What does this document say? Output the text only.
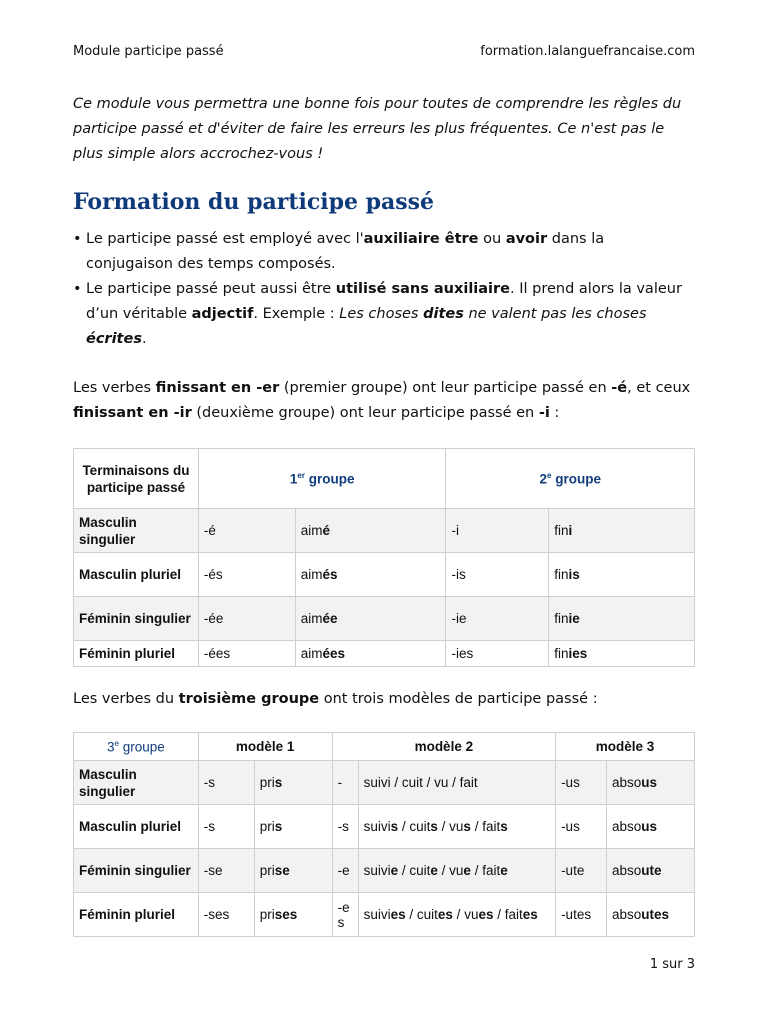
Module participe passé	formation.lalanguefrancaise.com

Ce module vous permettra une bonne fois pour toutes de comprendre les règles du participe passé et d'éviter de faire les erreurs les plus fréquentes. Ce n'est pas le plus simple alors accrochez-vous !

Formation du participe passé
• Le participe passé est employé avec l'auxiliaire être ou avoir dans la conjugaison des temps composés.
• Le participe passé peut aussi être utilisé sans auxiliaire. Il prend alors la valeur d’un véritable adjectif. Exemple : Les choses dites ne valent pas les choses écrites.

Les verbes finissant en -er (premier groupe) ont leur participe passé en -é, et ceux finissant en -ir (deuxième groupe) ont leur participe passé en -i :

Terminaisons du participe passé	1er groupe		2e groupe	
Masculin singulier	-é	aimé	-i	fini
Masculin pluriel	-és	aimés	-is	finis
Féminin singulier	-ée	aimée	-ie	finie
Féminin pluriel	-ées	aimées	-ies	finies

Les verbes du troisième groupe ont trois modèles de participe passé :

3e groupe	modèle 1		modèle 2		modèle 3	
Masculin singulier	-s	pris	-	suivi / cuit / vu / fait	-us	absous
Masculin pluriel	-s	pris	-s	suivis / cuits / vus / faits	-us	absous
Féminin singulier	-se	prise	-e	suivie / cuite / vue / faite	-ute	absoute
Féminin pluriel	-ses	prises	-es	suivies / cuites / vues / faites	-utes	absoutes
1 sur 3
